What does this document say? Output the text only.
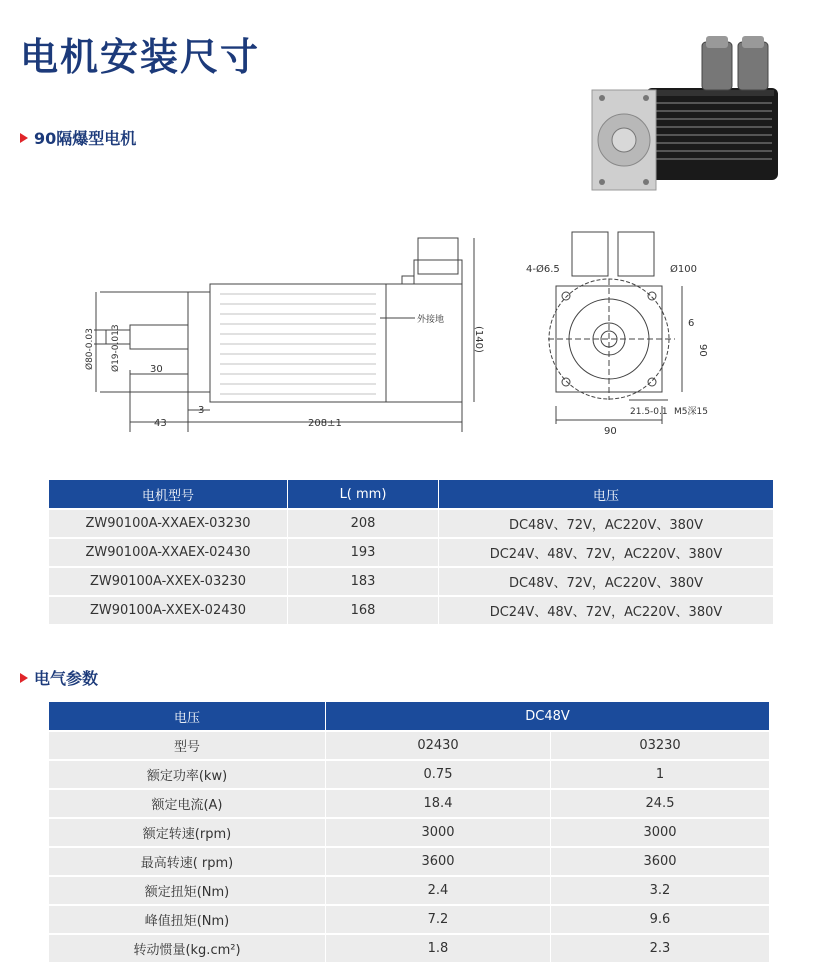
电机安装尺寸
90隔爆型电机
(140)
外接地
Ø80-0.03 Ø19-0.013	30
3
43	208±1
4-Ø6.5	Ø100
6
90
21.5-0.1 M5深15
90
电机型号	L( mm)	电压
ZW90100A-XXAEX-03230	208	DC48V、72V，AC220V、380V
ZW90100A-XXAEX-02430	193	DC24V、48V、72V，AC220V、380V
ZW90100A-XXEX-03230	183	DC48V、72V，AC220V、380V
ZW90100A-XXEX-02430	168	DC24V、48V、72V，AC220V、380V
电气参数
电压	DC48V	
型号	02430	03230
额定功率(kw)	0.75	1
额定电流(A)	18.4	24.5
额定转速(rpm)	3000	3000
最高转速( rpm)	3600	3600
额定扭矩(Nm)	2.4	3.2
峰值扭矩(Nm)	7.2	9.6
转动惯量(kg.cm²)	1.8	2.3
